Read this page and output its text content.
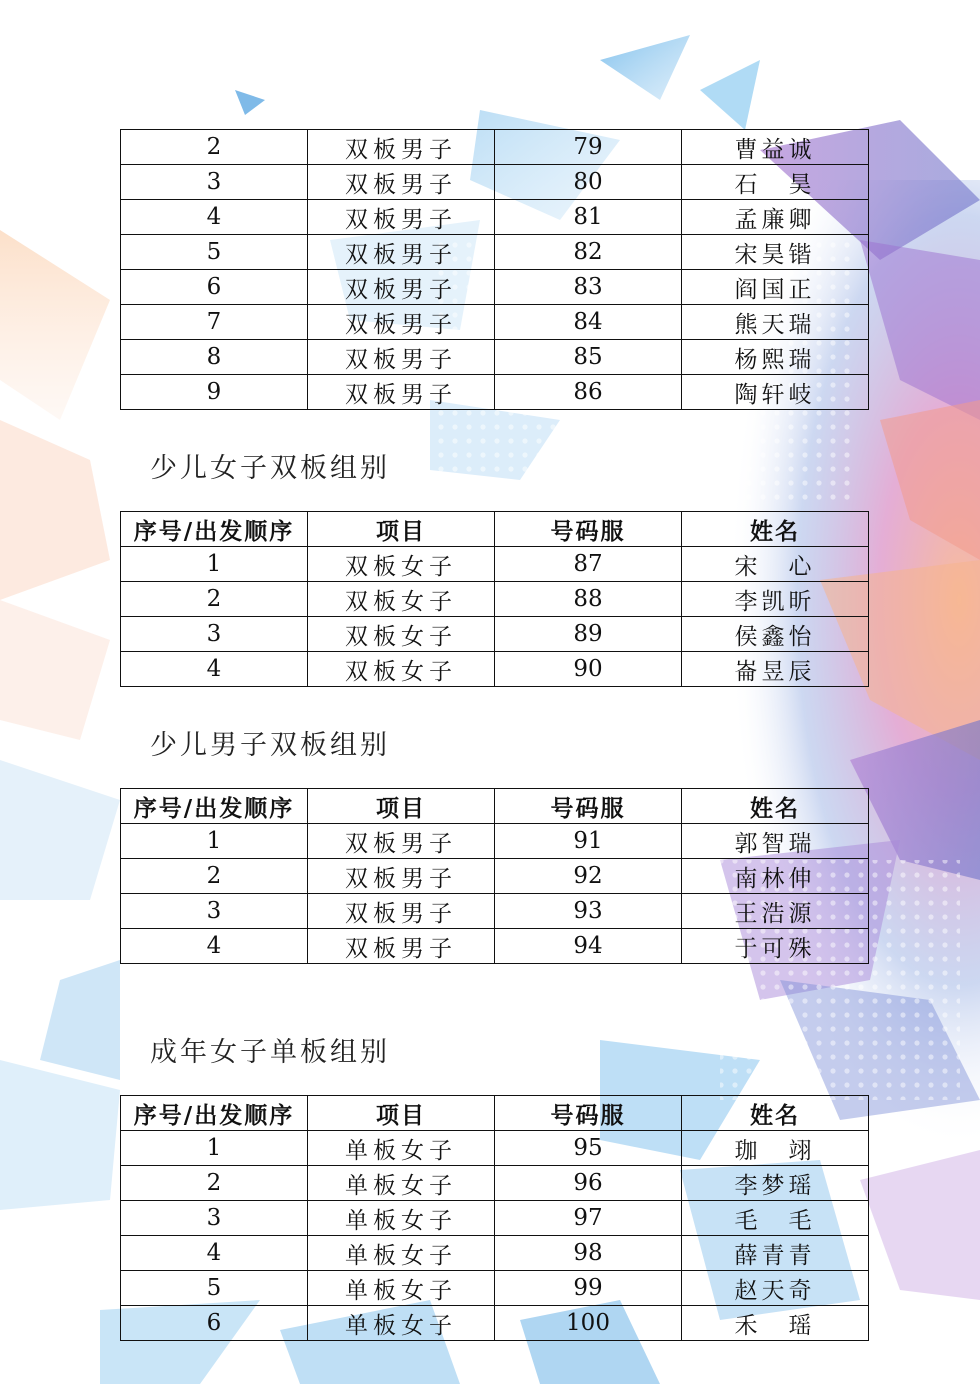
2	双板男子	79	曹益诚
3	双板男子	80	石　昊
4	双板男子	81	孟廉卿
5	双板男子	82	宋昊锴
6	双板男子	83	阎国正
7	双板男子	84	熊天瑞
8	双板男子	85	杨熙瑞
9	双板男子	86	陶轩岐
少儿女子双板组别
序号/出发顺序	项目	号码服	姓名
1	双板女子	87	宋　心
2	双板女子	88	李凯昕
3	双板女子	89	侯鑫怡
4	双板女子	90	崙昱辰
少儿男子双板组别
序号/出发顺序	项目	号码服	姓名
1	双板男子	91	郭智瑞
2	双板男子	92	南林伸
3	双板男子	93	王浩源
4	双板男子	94	于可殊
成年女子单板组别
序号/出发顺序	项目	号码服	姓名
1	单板女子	95	珈　翊
2	单板女子	96	李梦瑶
3	单板女子	97	毛　毛
4	单板女子	98	薛青青
5	单板女子	99	赵天奇
6	单板女子	100	禾　瑶
